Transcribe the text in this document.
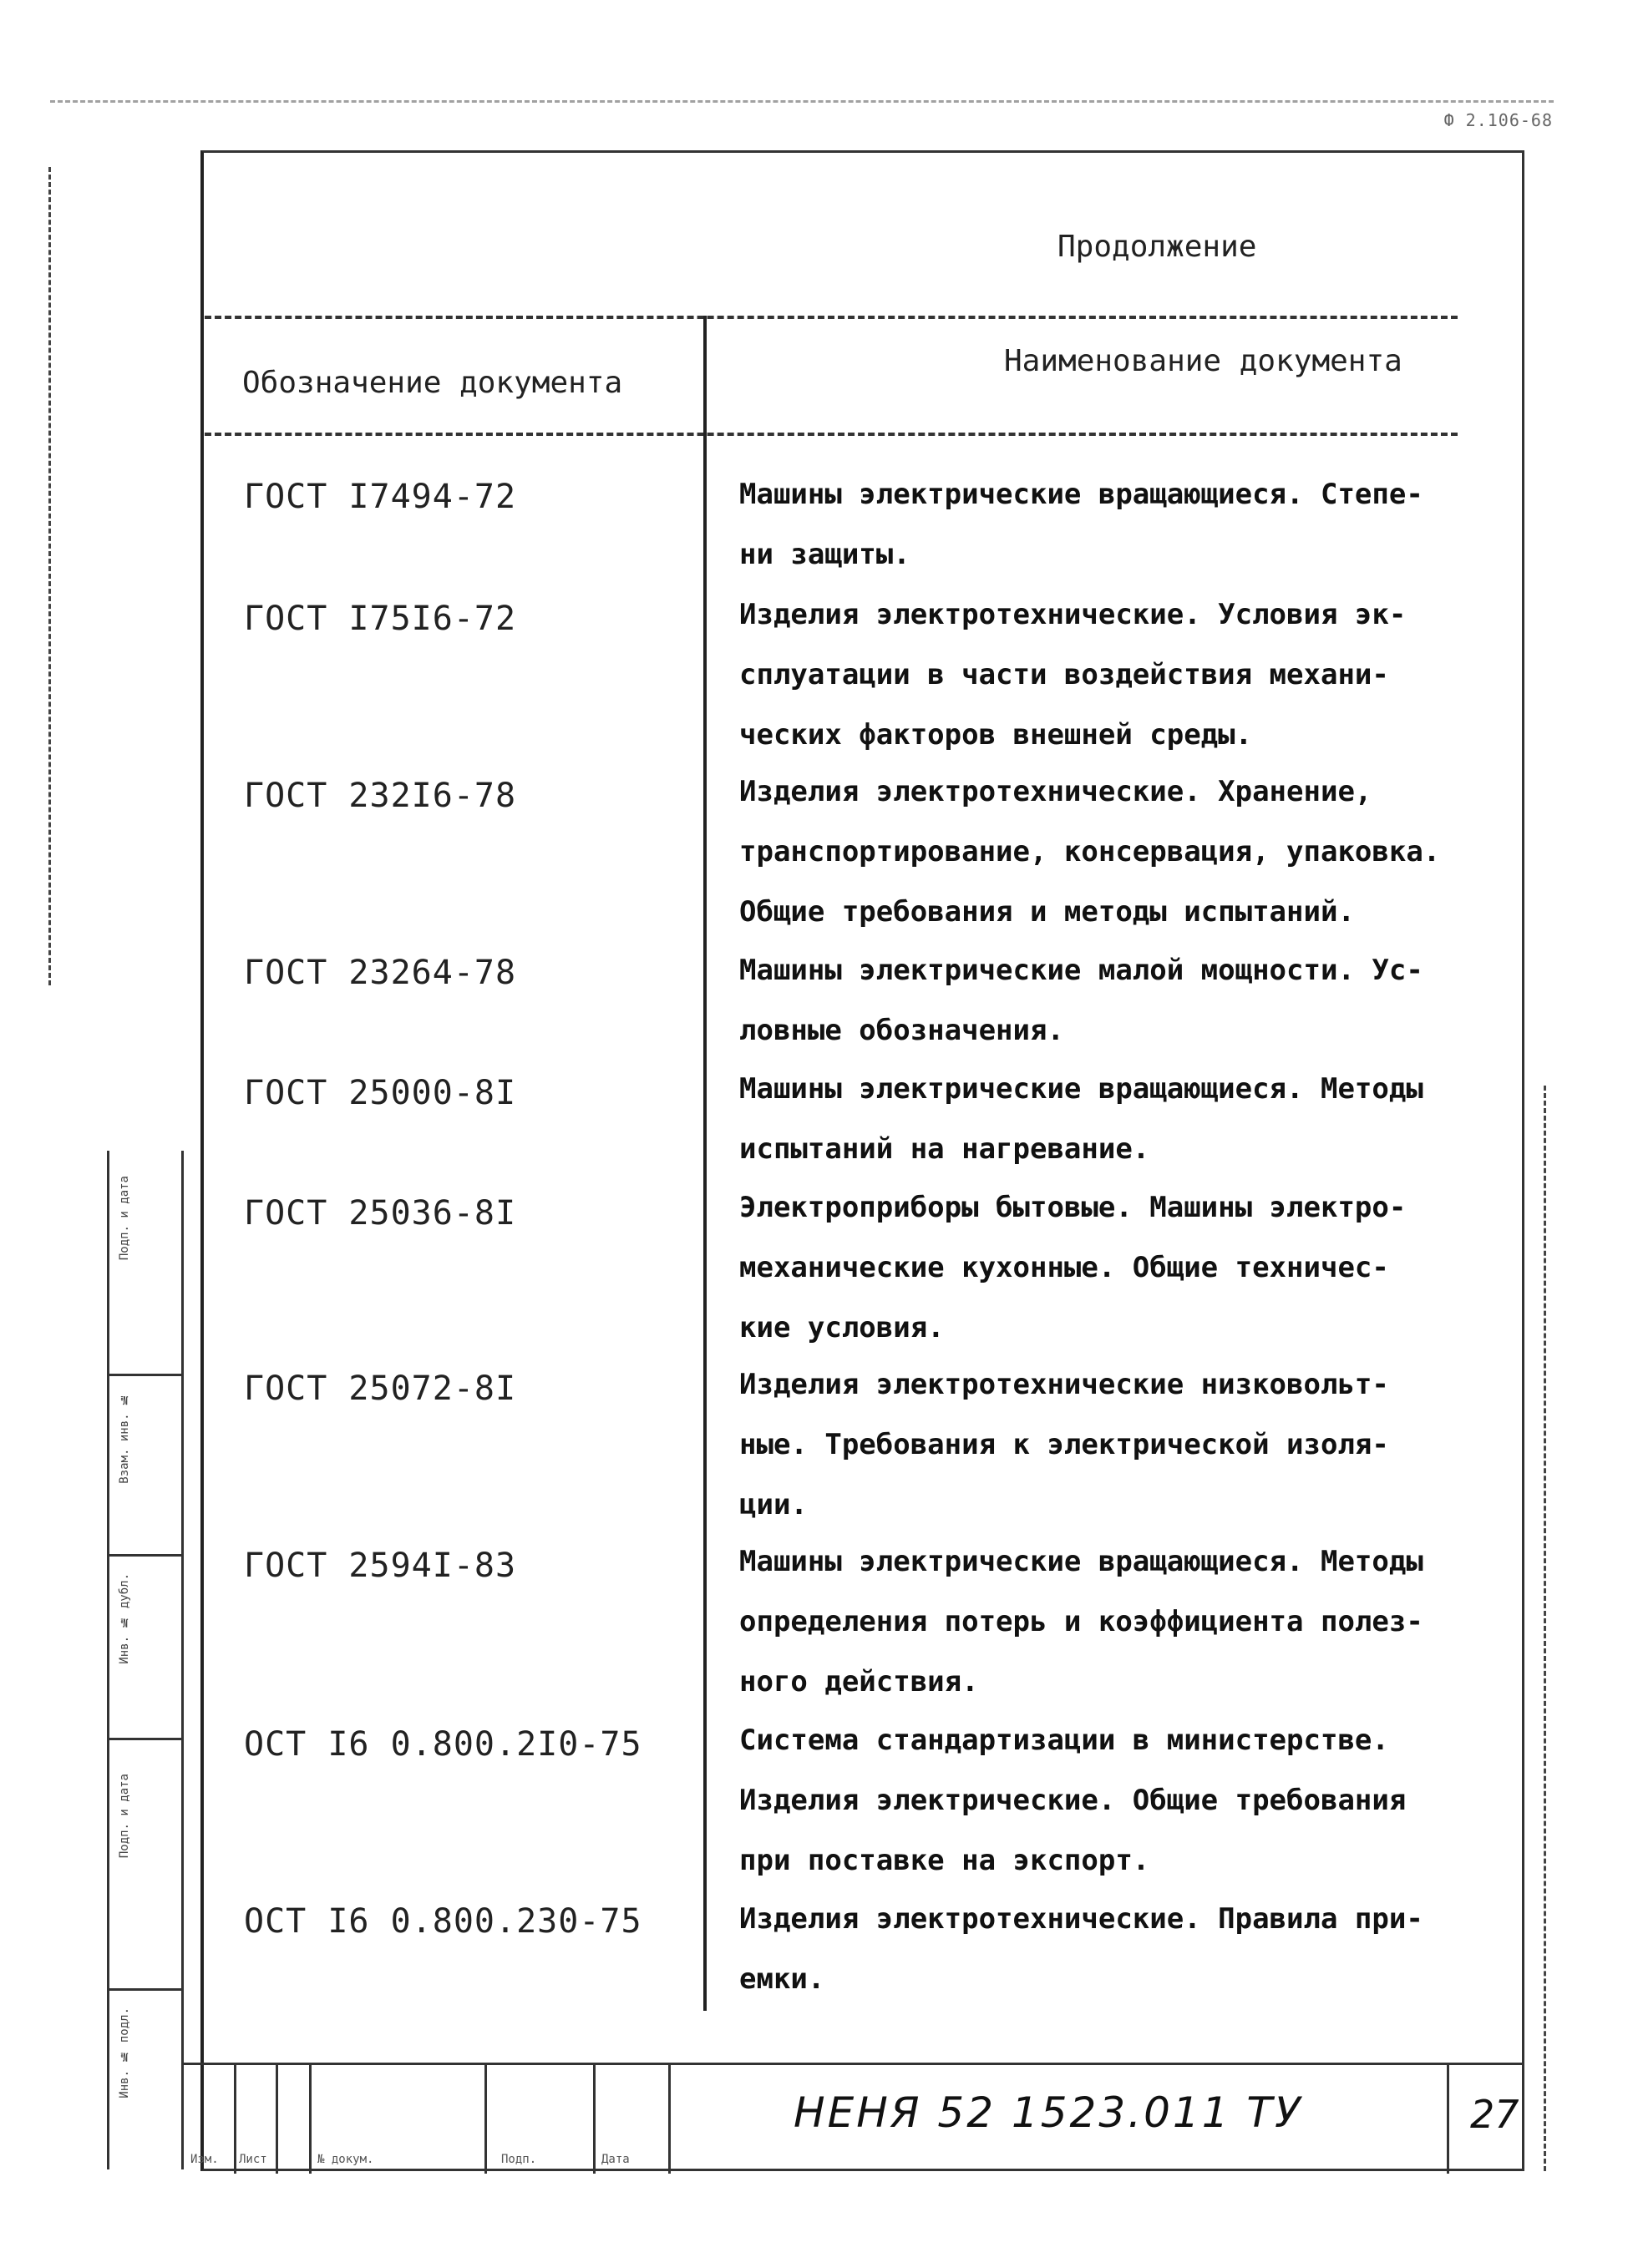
Ф 2.106-68
Продолжение
Обозначение документа
Наименование документа
ГОСТ I7494-72	Машины электрические вращающиеся. Степе-
ни защиты.
ГОСТ I75I6-72	Изделия электротехнические. Условия эк-
сплуатации в части воздействия механи-
ческих факторов внешней среды.
ГОСТ 232I6-78	Изделия электротехнические. Хранение,
транспортирование, консервация, упаковка.
Общие требования и методы испытаний.
ГОСТ 23264-78	Машины электрические малой мощности. Ус-
ловные обозначения.
ГОСТ 25000-8I	Машины электрические вращающиеся. Методы
испытаний на нагревание.
ГОСТ 25036-8I	Электроприборы бытовые. Машины электро-
механические кухонные. Общие техничес-
кие условия.
ГОСТ 25072-8I	Изделия электротехнические низковольт-
ные. Требования к электрической изоля-
ции.
ГОСТ 2594I-83	Машины электрические вращающиеся. Методы
определения потерь и коэффициента полез-
ного действия.
ОСТ I6 0.800.2I0-75	Система стандартизации в министерстве.
Изделия электрические. Общие требования
при поставке на экспорт.
ОСТ I6 0.800.230-75	Изделия электротехнические. Правила при-
емки.
Подп. и дата
Взам. инв. №
Инв. № дубл.
Подп. и дата
Инв. № подл.
Изм. Лист	№ докум.	Подп.	Дата
НЕНЯ 52 1523.011 ТУ	27
